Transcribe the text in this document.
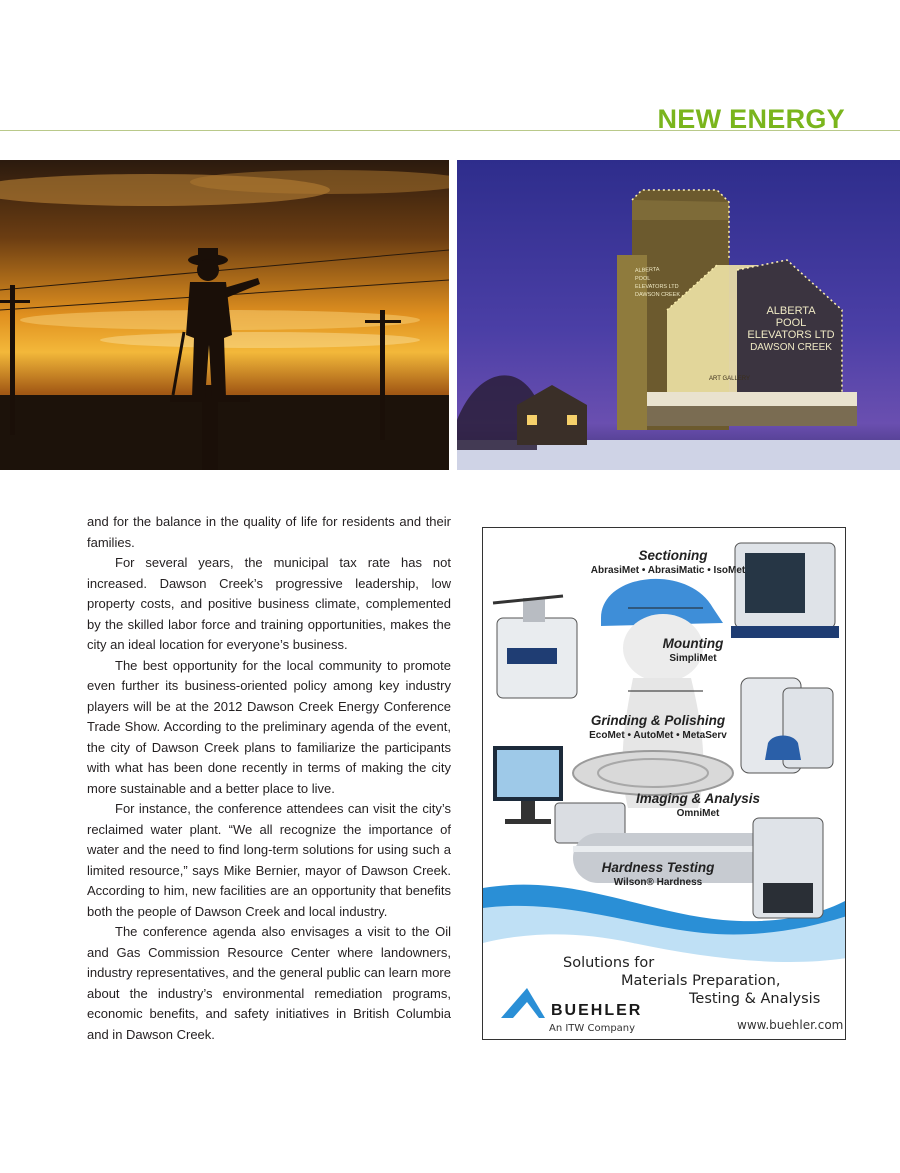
NEW ENERGY
ALBERTA
POOL
ELEVATORS LTD
DAWSON CREEK
ALBERTA
POOL
ELEVATORS LTD
DAWSON CREEK
ART GALLERY

and for the balance in the quality of life for residents and their families.

For several years, the municipal tax rate has not increased. Dawson Creek’s progressive leadership, low property costs, and positive business climate, complemented by the skilled labor force and training opportunities, makes the city an ideal location for everyone’s business.

The best opportunity for the local community to promote even further its business-oriented policy among key industry players will be at the 2012 Dawson Creek Energy Conference Trade Show. According to the preliminary agenda of the event, the city of Dawson Creek plans to familiarize the participants with what has been done recently in terms of making the city more sustainable and a better place to live.

For instance, the conference attendees can visit the city’s reclaimed water plant. “We all recognize the importance of water and the need to find long-term solutions for using such a limited resource,” says Mike Bernier, mayor of Dawson Creek. According to him, new facilities are an opportunity that benefits both the people of Dawson Creek and local industry.

The conference agenda also envisages a visit to the Oil and Gas Commission Resource Center where landowners, industry representatives, and the general public can learn more about the industry’s environmental remediation programs, economic benefits, and safety initiatives in British Columbia and in Dawson Creek.

Sectioning
AbrasiMet • AbrasiMatic • IsoMet
Mounting
SimpliMet
Grinding & Polishing
EcoMet • AutoMet • MetaServ
Imaging & Analysis
OmniMet
Hardness Testing
Wilson® Hardness
Solutions for
Materials Preparation,
Testing & Analysis
BUEHLER
An ITW Company	www.buehler.com
